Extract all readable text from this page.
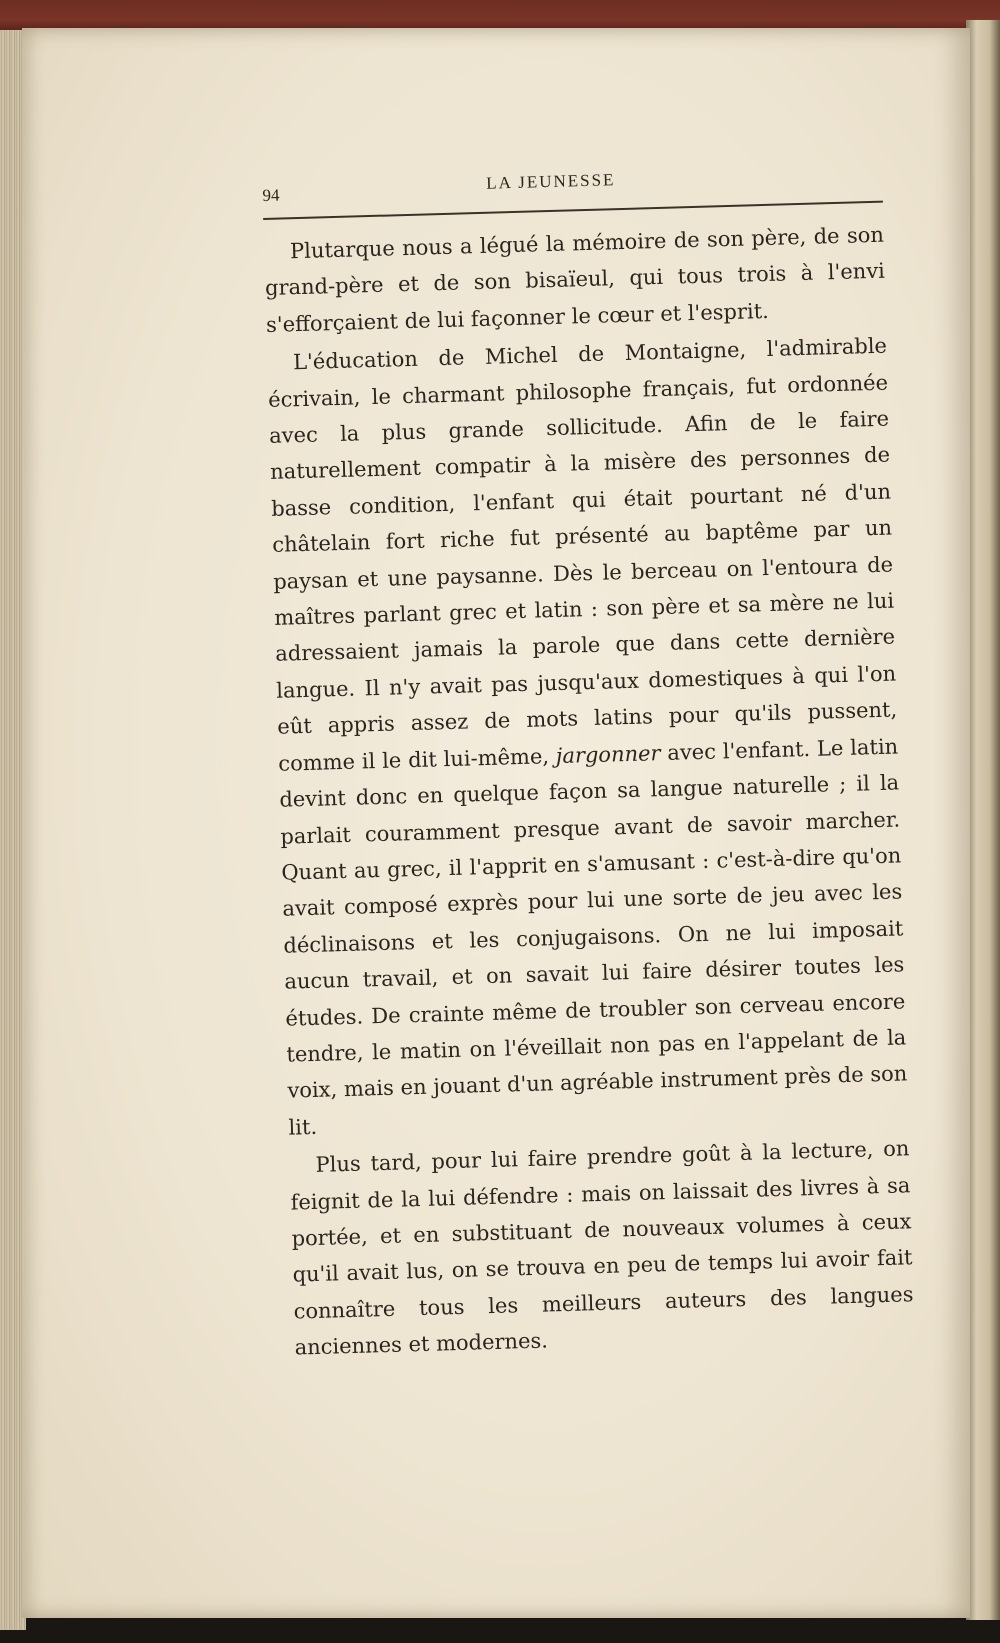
94
LA JEUNESSE

Plutarque nous a légué la mémoire de son père, de son grand-père et de son bisaïeul, qui tous trois à l'envi s'efforçaient de lui façonner le cœur et l'esprit.

L'éducation de Michel de Montaigne, l'admirable écrivain, le charmant philosophe français, fut ordonnée avec la plus grande sollicitude. Afin de le faire naturellement compatir à la misère des personnes de basse condition, l'enfant qui était pourtant né d'un châtelain fort riche fut présenté au baptême par un paysan et une paysanne. Dès le berceau on l'entoura de maîtres parlant grec et latin : son père et sa mère ne lui adressaient jamais la parole que dans cette dernière langue. Il n'y avait pas jusqu'aux domestiques à qui l'on eût appris assez de mots latins pour qu'ils pussent, comme il le dit lui-même, jargonner avec l'enfant. Le latin devint donc en quelque façon sa langue naturelle ; il la parlait couramment presque avant de savoir marcher. Quant au grec, il l'apprit en s'amusant : c'est-à-dire qu'on avait composé exprès pour lui une sorte de jeu avec les déclinaisons et les conjugaisons. On ne lui imposait aucun travail, et on savait lui faire désirer toutes les études. De crainte même de troubler son cerveau encore tendre, le matin on l'éveillait non pas en l'appelant de la voix, mais en jouant d'un agréable instrument près de son lit.

Plus tard, pour lui faire prendre goût à la lecture, on feignit de la lui défendre : mais on laissait des livres à sa portée, et en substituant de nouveaux volumes à ceux qu'il avait lus, on se trouva en peu de temps lui avoir fait connaître tous les meilleurs auteurs des langues anciennes et modernes.
